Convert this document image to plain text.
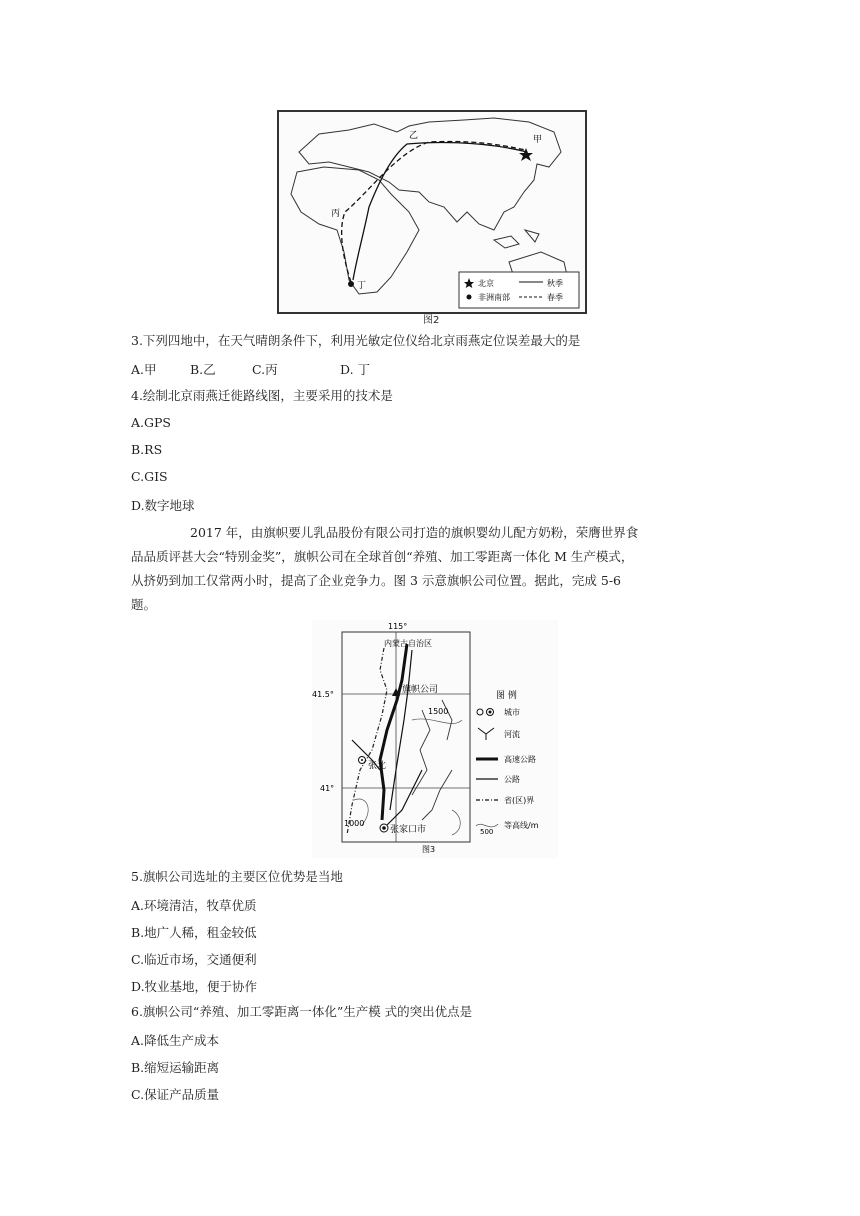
甲
乙
丙
丁	北京
非洲南部
秋季
春季
图2
3.下列四地中，在天气晴朗条件下，利用光敏定位仪给北京雨燕定位误差最大的是
A.甲	B.乙	C.丙	D. 丁
4.绘制北京雨燕迁徙路线图，主要采用的技术是
A.GPS
B.RS
C.GIS
D.数字地球
2017 年，由旗帜要儿乳品股份有限公司打造的旗帜婴幼儿配方奶粉，荣膺世界食
品品质评甚大会“特别金奖”，旗帜公司在全球首创“养殖、加工零距离一体化 M 生产模式，
从挤奶到加工仅常两小时，提高了企业竞争力。图 3 示意旗帜公司位置。据此，完成 5-6
题。
115°
41.5°
41°
旗帜公司
内蒙古自治区
张北
张家口市
1500
1000
图 例
城市
河流
高速公路
公路
省(区)界
500
等高线/m
图3
5.旗帜公司选址的主要区位优势是当地
A.环境清洁，牧草优质
B.地广人稀，租金较低
C.临近市场，交通便利
D.牧业基地，便于协作
6.旗帜公司“养殖、加工零距离一体化”生产模 式的突出优点是
A.降低生产成本
B.缩短运输距离
C.保证产品质量
